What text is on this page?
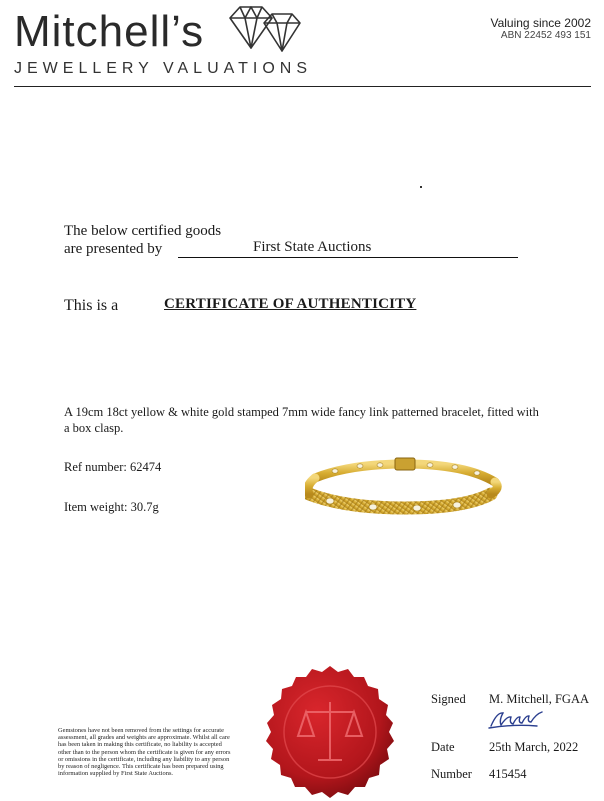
Mitchell’s
JEWELLERY VALUATIONS
Valuing since 2002
ABN 22452 493 151
The below certified goods
are presented by	First State Auctions
This is a	CERTIFICATE OF AUTHENTICITY
A 19cm 18ct yellow & white gold stamped 7mm wide fancy link patterned bracelet, fitted with a box clasp.
Ref number: 62474
Item weight: 30.7g
Gemstones have not been removed from the settings for accurate assessment, all grades and weights are approximate. Whilst all care has been taken in making this certificate, no liability is accepted other than to the person whom the certificate is given for any errors or omissions in the certificate, including any liability to any person by reason of negligence. This certificate has been prepared using information supplied by First State Auctions.
Signed M. Mitchell, FGAA
Date	25th March, 2022
Number 415454
